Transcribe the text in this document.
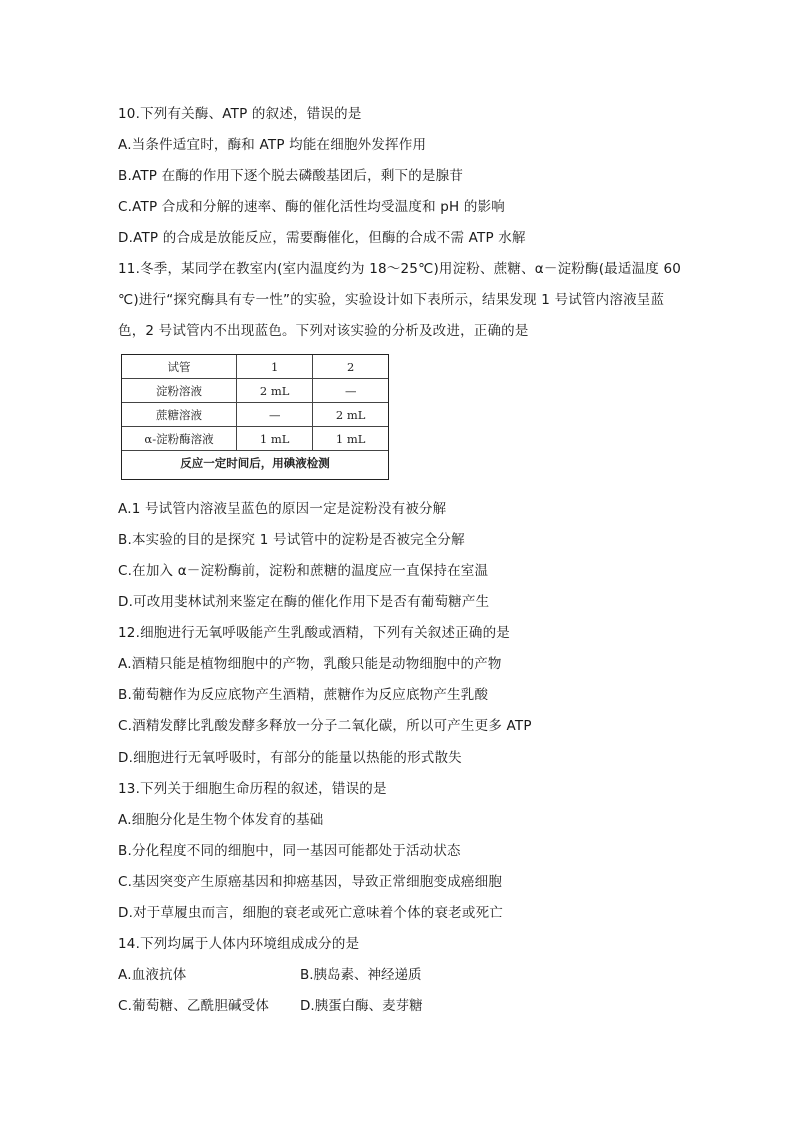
10.下列有关酶、ATP 的叙述，错误的是
A.当条件适宜时，酶和 ATP 均能在细胞外发挥作用
B.ATP 在酶的作用下逐个脱去磷酸基团后，剩下的是腺苷
C.ATP 合成和分解的速率、酶的催化活性均受温度和 pH 的影响
D.ATP 的合成是放能反应，需要酶催化，但酶的合成不需 ATP 水解
11.冬季，某同学在教室内(室内温度约为 18～25℃)用淀粉、蔗糖、α－淀粉酶(最适温度 60
℃)进行“探究酶具有专一性”的实验，实验设计如下表所示，结果发现 1 号试管内溶液呈蓝
色，2 号试管内不出现蓝色。下列对该实验的分析及改进，正确的是
试管	1	2
淀粉溶液	2 mL	—
蔗糖溶液	—	2 mL
α-淀粉酶溶液	1 mL	1 mL
反应一定时间后，用碘液检测		
A.1 号试管内溶液呈蓝色的原因一定是淀粉没有被分解
B.本实验的目的是探究 1 号试管中的淀粉是否被完全分解
C.在加入 α－淀粉酶前，淀粉和蔗糖的温度应一直保持在室温
D.可改用斐林试剂来鉴定在酶的催化作用下是否有葡萄糖产生
12.细胞进行无氧呼吸能产生乳酸或酒精，下列有关叙述正确的是
A.酒精只能是植物细胞中的产物，乳酸只能是动物细胞中的产物
B.葡萄糖作为反应底物产生酒精，蔗糖作为反应底物产生乳酸
C.酒精发酵比乳酸发酵多释放一分子二氧化碳，所以可产生更多 ATP
D.细胞进行无氧呼吸时，有部分的能量以热能的形式散失
13.下列关于细胞生命历程的叙述，错误的是
A.细胞分化是生物个体发育的基础
B.分化程度不同的细胞中，同一基因可能都处于活动状态
C.基因突变产生原癌基因和抑癌基因，导致正常细胞变成癌细胞
D.对于草履虫而言，细胞的衰老或死亡意味着个体的衰老或死亡
14.下列均属于人体内环境组成成分的是
A.血液抗体	B.胰岛素、神经递质
C.葡萄糖、乙酰胆碱受体 D.胰蛋白酶、麦芽糖
